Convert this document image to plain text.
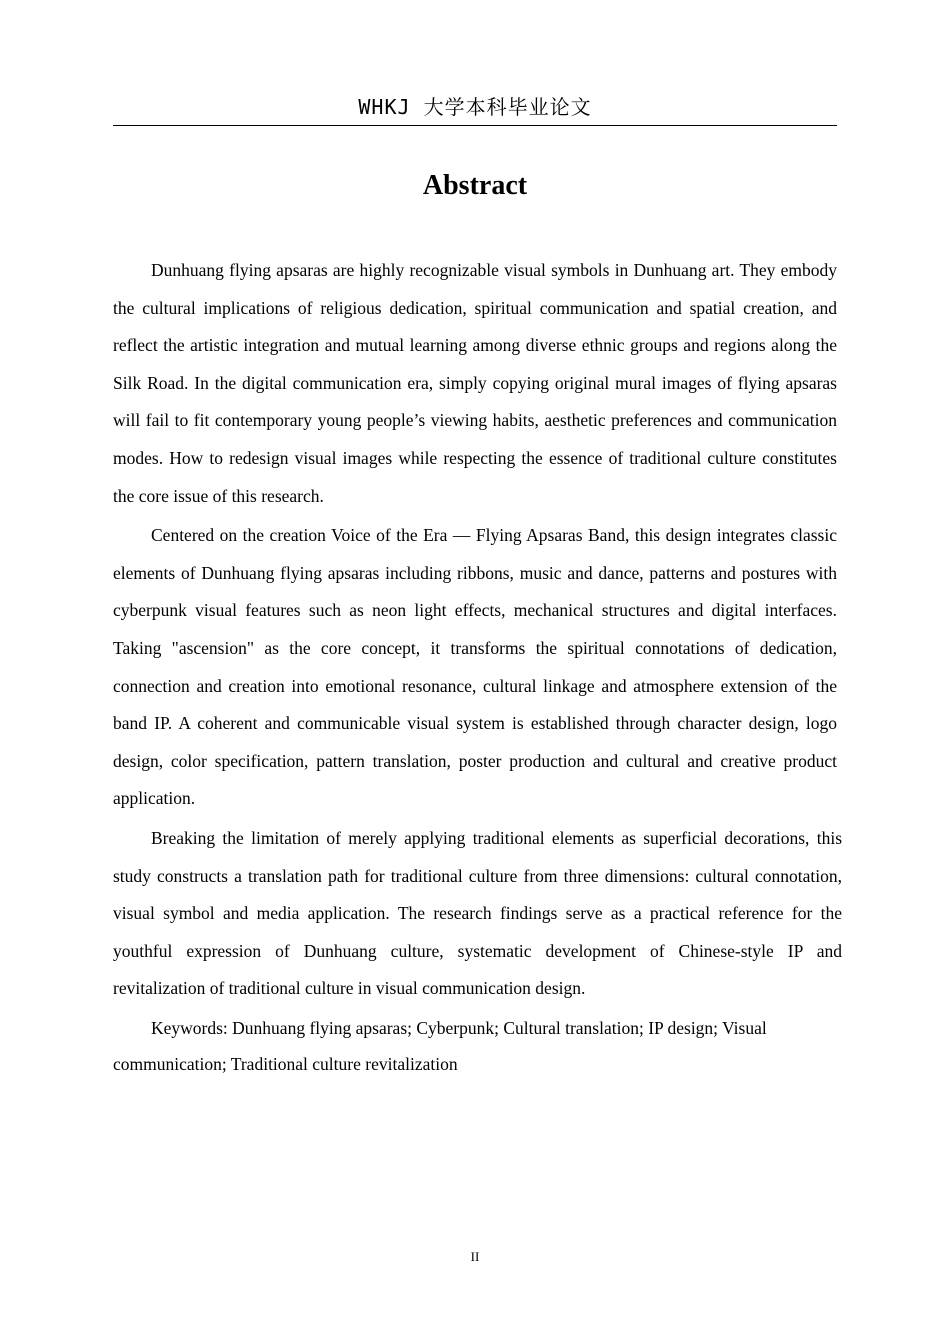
WHKJ 大学本科毕业论文
Abstract

Dunhuang flying apsaras are highly recognizable visual symbols in Dunhuang art. They embody the cultural implications of religious dedication, spiritual communication and spatial creation, and reflect the artistic integration and mutual learning among diverse ethnic groups and regions along the Silk Road. In the digital communication era, simply copying original mural images of flying apsaras will fail to fit contemporary young people’s viewing habits, aesthetic preferences and communication modes. How to redesign visual images while respecting the essence of traditional culture constitutes the core issue of this research.

Centered on the creation Voice of the Era — Flying Apsaras Band, this design integrates classic elements of Dunhuang flying apsaras including ribbons, music and dance, patterns and postures with cyberpunk visual features such as neon light effects, mechanical structures and digital interfaces. Taking "ascension" as the core concept, it transforms the spiritual connotations of dedication, connection and creation into emotional resonance, cultural linkage and atmosphere extension of the band IP. A coherent and communicable visual system is established through character design, logo design, color specification, pattern translation, poster production and cultural and creative product application.

Breaking the limitation of merely applying traditional elements as superficial decorations, this study constructs a translation path for traditional culture from three dimensions: cultural connotation, visual symbol and media application. The research findings serve as a practical reference for the youthful expression of Dunhuang culture, systematic development of Chinese-style IP and revitalization of traditional culture in visual communication design.

Keywords: Dunhuang flying apsaras; Cyberpunk; Cultural translation; IP design; Visual communication; Traditional culture revitalization

II
